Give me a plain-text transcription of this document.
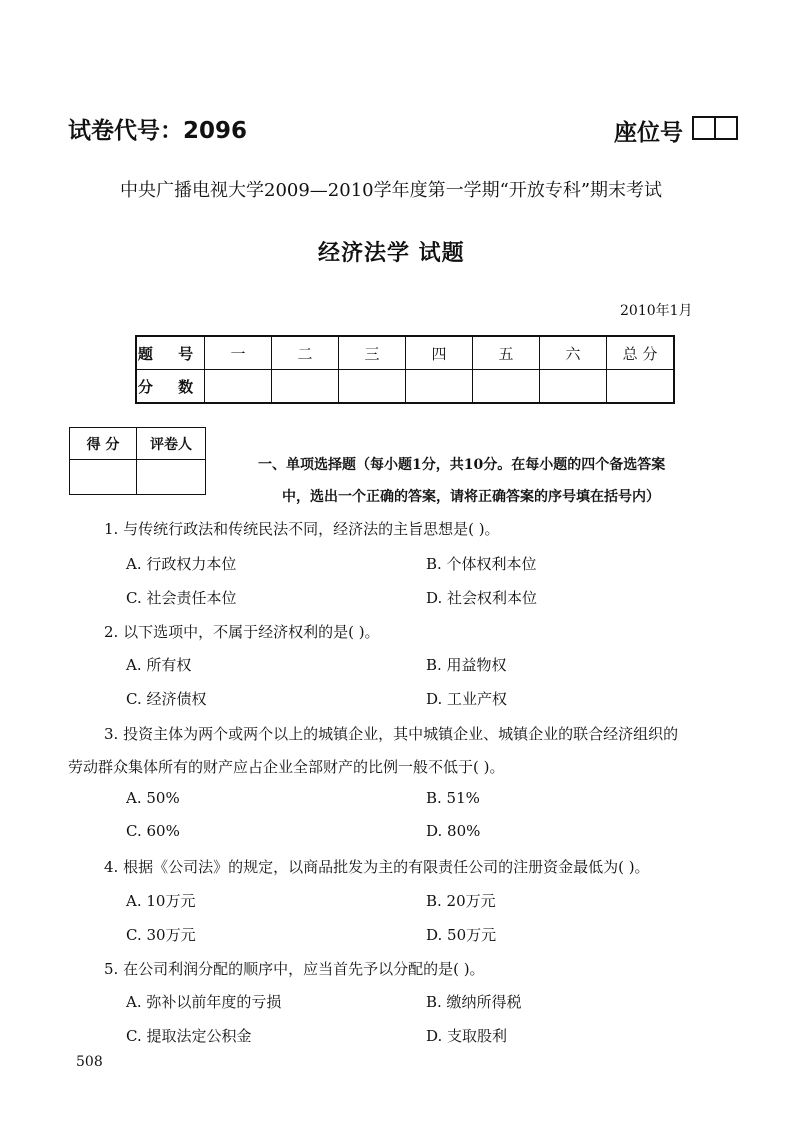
试卷代号：2096	座位号
中央广播电视大学2009—2010学年度第一学期“开放专科”期末考试
经济法学 试题
2010年1月
题 号	一	二	三	四	五	六	总 分
分 数							
得 分	评卷人

一、单项选择题（每小题1分，共10分。在每小题的四个备选答案
中，选出一个正确的答案，请将正确答案的序号填在括号内）
1. 与传统行政法和传统民法不同，经济法的主旨思想是( )。
A. 行政权力本位	B. 个体权利本位
C. 社会责任本位	D. 社会权利本位
2. 以下选项中，不属于经济权利的是( )。
A. 所有权	B. 用益物权
C. 经济债权	D. 工业产权
3. 投资主体为两个或两个以上的城镇企业，其中城镇企业、城镇企业的联合经济组织的
劳动群众集体所有的财产应占企业全部财产的比例一般不低于( )。
A. 50%	B. 51%
C. 60%	D. 80%
4. 根据《公司法》的规定，以商品批发为主的有限责任公司的注册资金最低为( )。
A. 10万元	B. 20万元
C. 30万元	D. 50万元
5. 在公司利润分配的顺序中，应当首先予以分配的是( )。
A. 弥补以前年度的亏损	B. 缴纳所得税
C. 提取法定公积金	D. 支取股利
508
